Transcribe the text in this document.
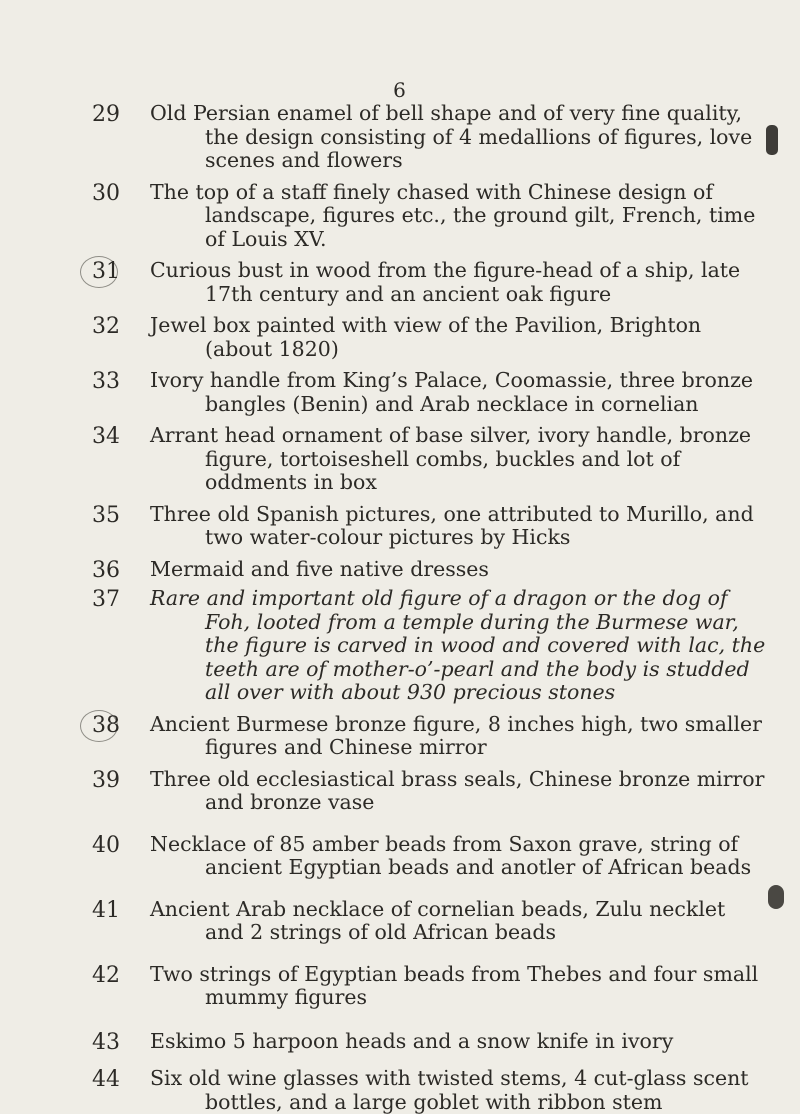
6
29	Old Persian enamel of bell shape and of very fine quality, the design consisting of 4 medallions of figures, love scenes and flowers
30	The top of a staff finely chased with Chinese design of landscape, figures etc., the ground gilt, French, time of Louis XV.
31	Curious bust in wood from the figure-head of a ship, late 17th century and an ancient oak figure
32	Jewel box painted with view of the Pavilion, Brighton (about 1820)
33	Ivory handle from King’s Palace, Coomassie, three bronze bangles (Benin) and Arab necklace in cornelian
34	Arrant head ornament of base silver, ivory handle, bronze figure, tortoiseshell combs, buckles and lot of oddments in box
35	Three old Spanish pictures, one attributed to Murillo, and two water-colour pictures by Hicks
36	Mermaid and five native dresses
37	Rare and important old figure of a dragon or the dog of Foh, looted from a temple during the Burmese war, the figure is carved in wood and covered with lac, the teeth are of mother-o’-pearl and the body is studded all over with about 930 precious stones
38	Ancient Burmese bronze figure, 8 inches high, two smaller figures and Chinese mirror
39	Three old ecclesiastical brass seals, Chinese bronze mirror and bronze vase
40	Necklace of 85 amber beads from Saxon grave, string of ancient Egyptian beads and anotler of African beads
41	Ancient Arab necklace of cornelian beads, Zulu necklet and 2 strings of old African beads
42	Two strings of Egyptian beads from Thebes and four small mummy figures
43	Eskimo 5 harpoon heads and a snow knife in ivory
44	Six old wine glasses with twisted stems, 4 cut-glass scent bottles, and a large goblet with ribbon stem
